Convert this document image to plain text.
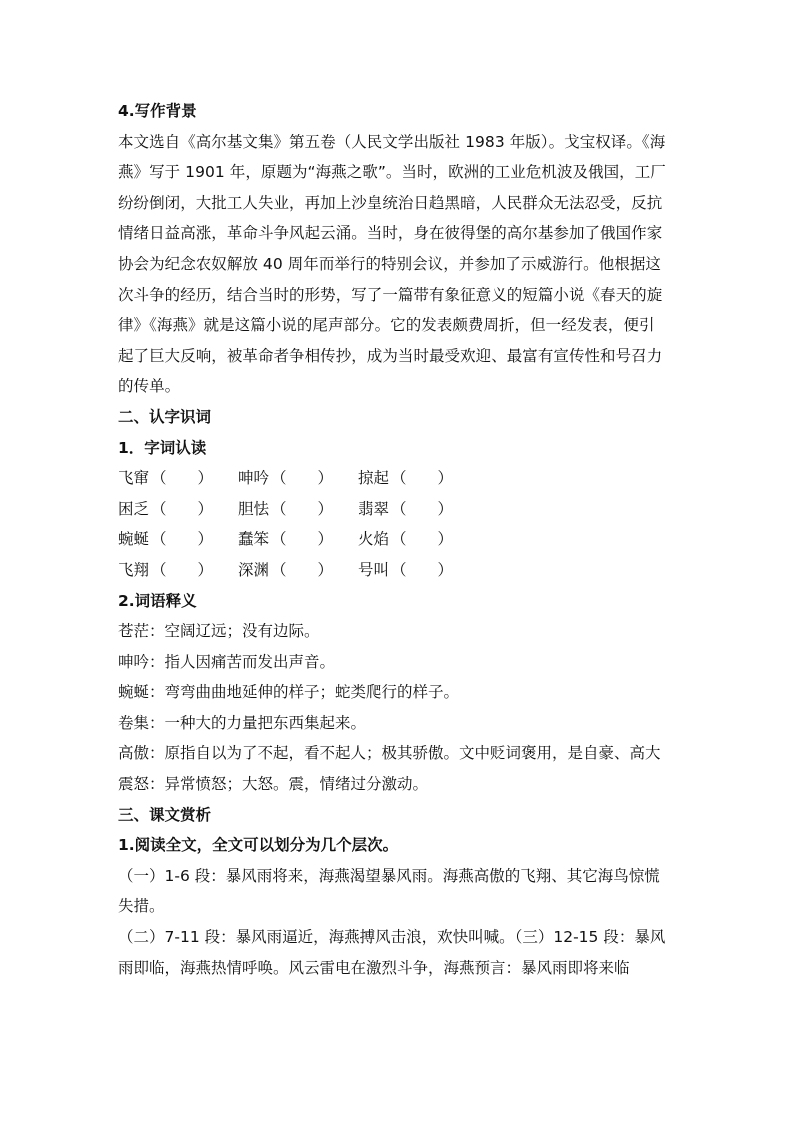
4.写作背景
本文选自《高尔基文集》第五卷（人民文学出版社 1983 年版）。戈宝权译。《海
燕》写于 1901 年，原题为“海燕之歌”。当时，欧洲的工业危机波及俄国，工厂
纷纷倒闭，大批工人失业，再加上沙皇统治日趋黑暗，人民群众无法忍受，反抗
情绪日益高涨，革命斗争风起云涌。当时，身在彼得堡的高尔基参加了俄国作家
协会为纪念农奴解放 40 周年而举行的特别会议，并参加了示威游行。他根据这
次斗争的经历，结合当时的形势，写了一篇带有象征意义的短篇小说《春天的旋
律》《海燕》就是这篇小说的尾声部分。它的发表颇费周折，但一经发表，便引
起了巨大反响，被革命者争相传抄，成为当时最受欢迎、最富有宣传性和号召力
的传单。
二、认字识词
1．字词认读
飞窜 （　　）	呻吟 （　　）	掠起 （　　）
困乏 （　　）	胆怯 （　　）	翡翠 （　　）
蜿蜒 （　　）	蠢笨 （　　）	火焰 （　　）
飞翔 （　　）	深渊 （　　）	号叫 （　　）
2.词语释义
苍茫：空阔辽远；没有边际。
呻吟：指人因痛苦而发出声音。
蜿蜒：弯弯曲曲地延伸的样子；蛇类爬行的样子。
卷集：一种大的力量把东西集起来。
高傲：原指自以为了不起，看不起人；极其骄傲。文中贬词褒用，是自豪、高大
震怒：异常愤怒；大怒。震，情绪过分激动。
三、课文赏析
1.阅读全文，全文可以划分为几个层次。
（一）1-6 段：暴风雨将来，海燕渴望暴风雨。海燕高傲的飞翔、其它海鸟惊慌
失措。
（二）7-11 段：暴风雨逼近，海燕搏风击浪，欢快叫喊。（三）12-15 段：暴风
雨即临，海燕热情呼唤。风云雷电在激烈斗争，海燕预言：暴风雨即将来临
